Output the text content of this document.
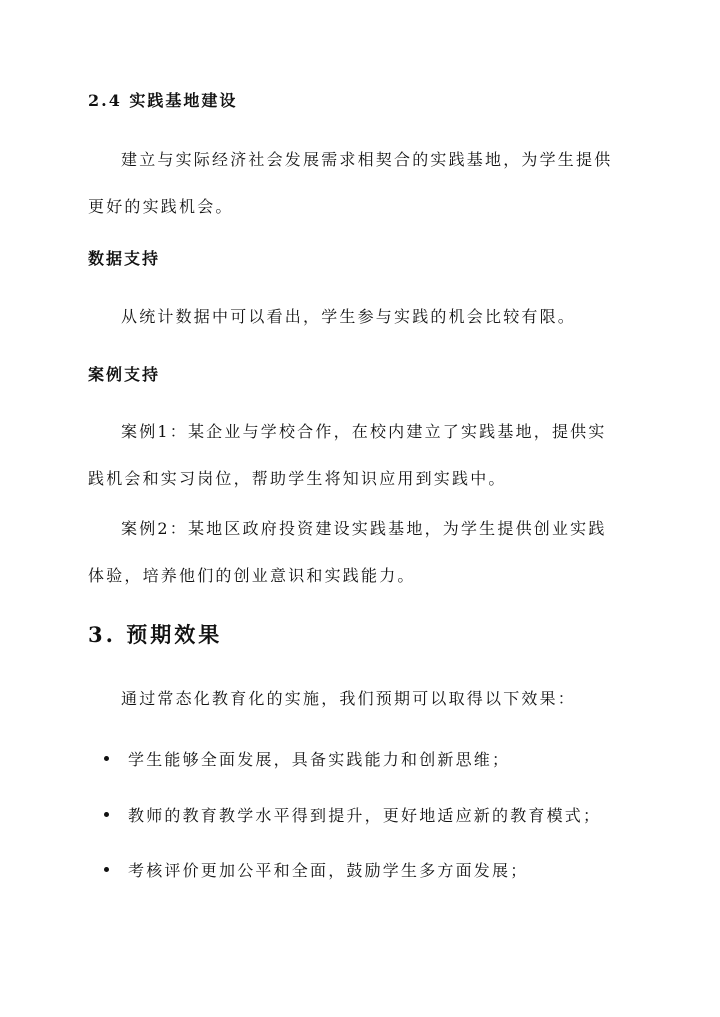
2.4 实践基地建设
建立与实际经济社会发展需求相契合的实践基地，为学生提供
更好的实践机会。
数据支持
从统计数据中可以看出，学生参与实践的机会比较有限。
案例支持
案例1：某企业与学校合作，在校内建立了实践基地，提供实
践机会和实习岗位，帮助学生将知识应用到实践中。
案例2：某地区政府投资建设实践基地，为学生提供创业实践
体验，培养他们的创业意识和实践能力。
3. 预期效果
通过常态化教育化的实施，我们预期可以取得以下效果：
学生能够全面发展，具备实践能力和创新思维；
教师的教育教学水平得到提升，更好地适应新的教育模式；
考核评价更加公平和全面，鼓励学生多方面发展；
